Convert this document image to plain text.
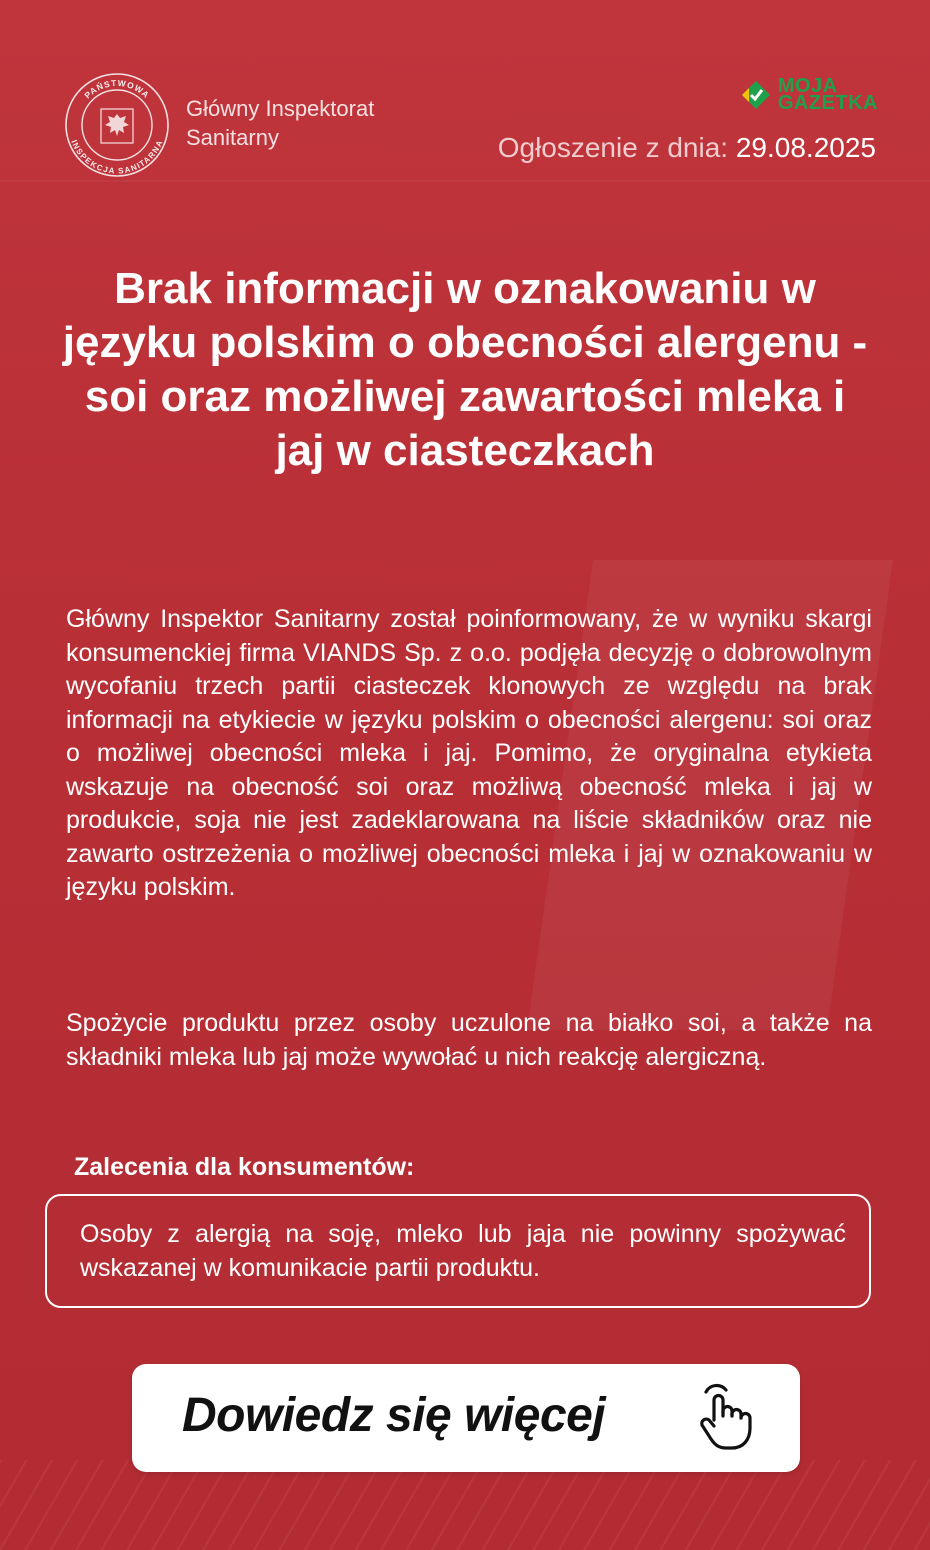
PAŃSTWOWA
INSPEKCJA SANITARNA
Główny Inspektorat
Sanitarny
MOJA
GAZETKA
Ogłoszenie z dnia: 29.08.2025
Brak informacji w oznakowaniu w języku polskim o obecności alergenu - soi oraz możliwej zawartości mleka i jaj w ciasteczkach

Główny Inspektor Sanitarny został poinformowany, że w wyniku skargi konsumenckiej firma VIANDS Sp. z o.o. podjęła decyzję o dobrowolnym wycofaniu trzech partii ciasteczek klonowych ze względu na brak informacji na etykiecie w języku polskim o obecności alergenu: soi oraz o możliwej obecności mleka i jaj. Pomimo, że oryginalna etykieta wskazuje na obecność soi oraz możliwą obecność mleka i jaj w produkcie, soja nie jest zadeklarowana na liście składników oraz nie zawarto ostrzeżenia o możliwej obecności mleka i jaj w oznakowaniu w języku polskim.

Spożycie produktu przez osoby uczulone na białko soi, a także na składniki mleka lub jaj może wywołać u nich reakcję alergiczną.

Zalecenia dla konsumentów:

Osoby z alergią na soję, mleko lub jaja nie powinny spożywać wskazanej w komunikacie partii produktu.

Dowiedz się więcej
